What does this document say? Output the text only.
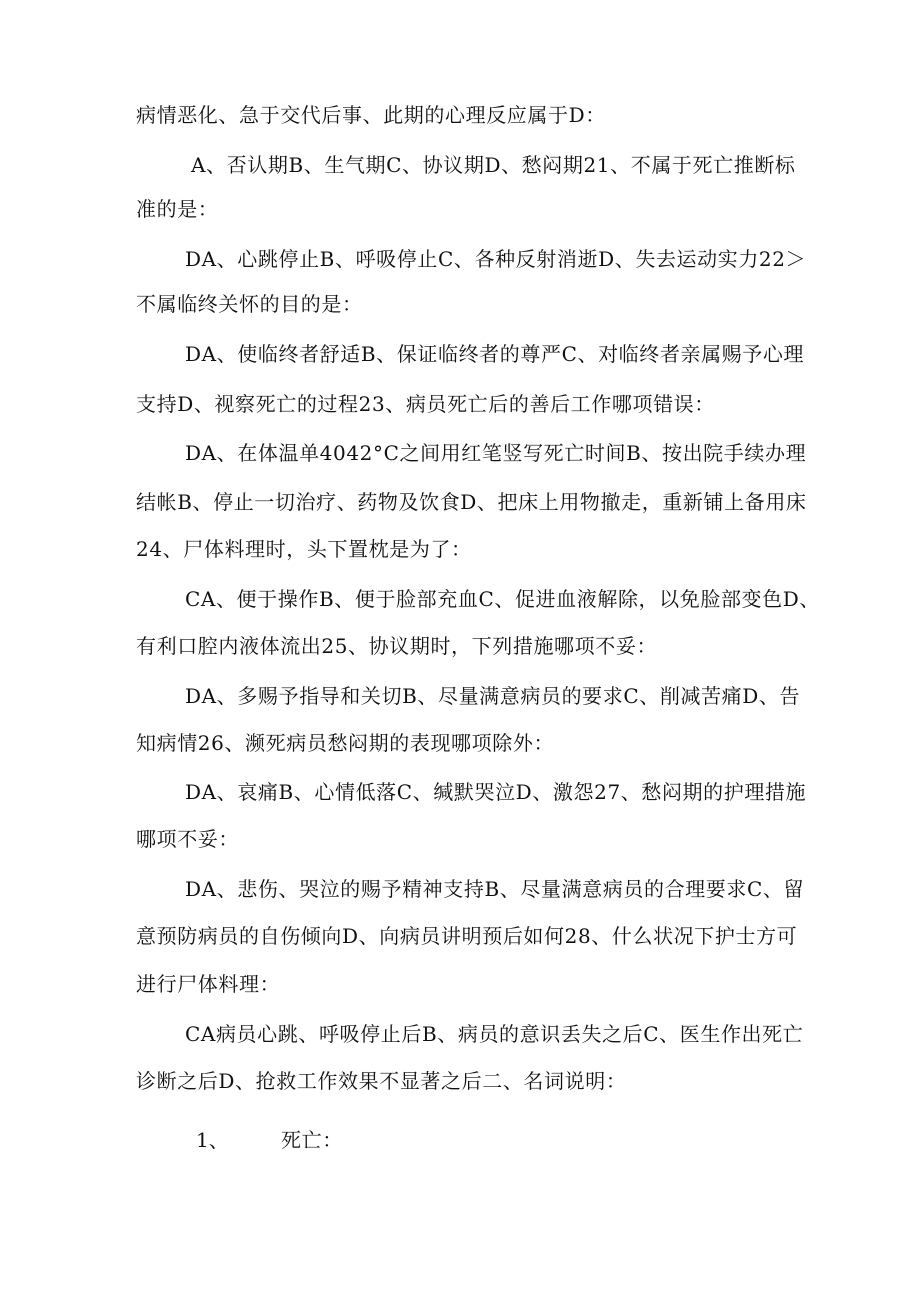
病情恶化、急于交代后事、此期的心理反应属于D：
A、否认期B、生气期C、协议期D、愁闷期21、不属于死亡推断标
准的是：
DA、心跳停止B、呼吸停止C、各种反射消逝D、失去运动实力22＞
不属临终关怀的目的是：
DA、使临终者舒适B、保证临终者的尊严C、对临终者亲属赐予心理
支持D、视察死亡的过程23、病员死亡后的善后工作哪项错误：
DA、在体温单4042°C之间用红笔竖写死亡时间B、按出院手续办理
结帐B、停止一切治疗、药物及饮食D、把床上用物撤走，重新铺上备用床
24、尸体料理时，头下置枕是为了：
CA、便于操作B、便于脸部充血C、促进血液解除，以免脸部变色D、
有利口腔内液体流出25、协议期时，下列措施哪项不妥：
DA、多赐予指导和关切B、尽量满意病员的要求C、削减苦痛D、告
知病情26、濒死病员愁闷期的表现哪项除外：
DA、哀痛B、心情低落C、缄默哭泣D、激怨27、愁闷期的护理措施
哪项不妥：
DA、悲伤、哭泣的赐予精神支持B、尽量满意病员的合理要求C、留
意预防病员的自伤倾向D、向病员讲明预后如何28、什么状况下护士方可
进行尸体料理：
CA病员心跳、呼吸停止后B、病员的意识丢失之后C、医生作出死亡
诊断之后D、抢救工作效果不显著之后二、名词说明：
1、	死亡：
